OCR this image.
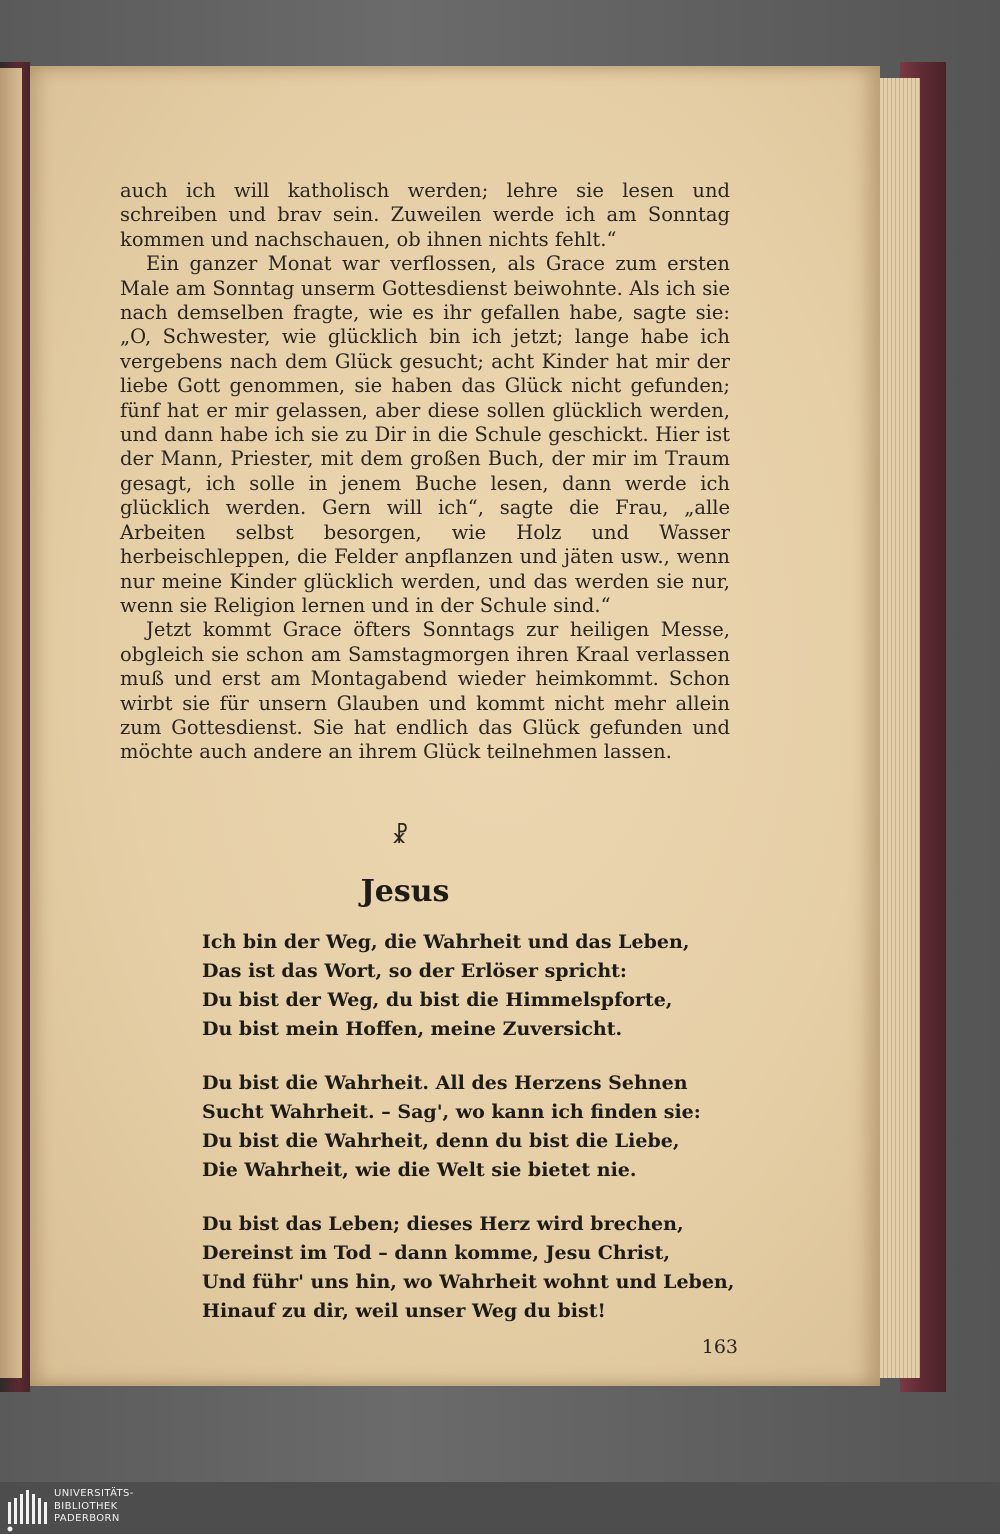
auch ich will katholisch werden; lehre sie lesen und schreiben und brav sein. Zuweilen werde ich am Sonntag kommen und nachschauen, ob ihnen nichts fehlt.“

Ein ganzer Monat war verflossen, als Grace zum ersten Male am Sonntag unserm Gottesdienst beiwohnte. Als ich sie nach demselben fragte, wie es ihr gefallen habe, sagte sie: „O, Schwester, wie glücklich bin ich jetzt; lange habe ich vergebens nach dem Glück gesucht; acht Kinder hat mir der liebe Gott genommen, sie haben das Glück nicht gefunden; fünf hat er mir gelassen, aber diese sollen glücklich werden, und dann habe ich sie zu Dir in die Schule geschickt. Hier ist der Mann, Priester, mit dem großen Buch, der mir im Traum gesagt, ich solle in jenem Buche lesen, dann werde ich glücklich werden. Gern will ich“, sagte die Frau, „alle Arbeiten selbst besorgen, wie Holz und Wasser herbeischleppen, die Felder anpflanzen und jäten usw., wenn nur meine Kinder glücklich werden, und das werden sie nur, wenn sie Religion lernen und in der Schule sind.“

Jetzt kommt Grace öfters Sonntags zur heiligen Messe, obgleich sie schon am Samstagmorgen ihren Kraal verlassen muß und erst am Montagabend wieder heimkommt. Schon wirbt sie für unsern Glauben und kommt nicht mehr allein zum Gottesdienst. Sie hat endlich das Glück gefunden und möchte auch andere an ihrem Glück teilnehmen lassen.

☧
Jesus
Ich bin der Weg, die Wahrheit und das Leben,
Das ist das Wort, so der Erlöser spricht:
Du bist der Weg, du bist die Himmelspforte,
Du bist mein Hoffen, meine Zuversicht.
Du bist die Wahrheit. All des Herzens Sehnen
Sucht Wahrheit. – Sag', wo kann ich finden sie:
Du bist die Wahrheit, denn du bist die Liebe,
Die Wahrheit, wie die Welt sie bietet nie.
Du bist das Leben; dieses Herz wird brechen,
Dereinst im Tod – dann komme, Jesu Christ,
Und führ' uns hin, wo Wahrheit wohnt und Leben,
Hinauf zu dir, weil unser Weg du bist!
163
UNIVERSITÄTS-
BIBLIOTHEK
PADERBORN
